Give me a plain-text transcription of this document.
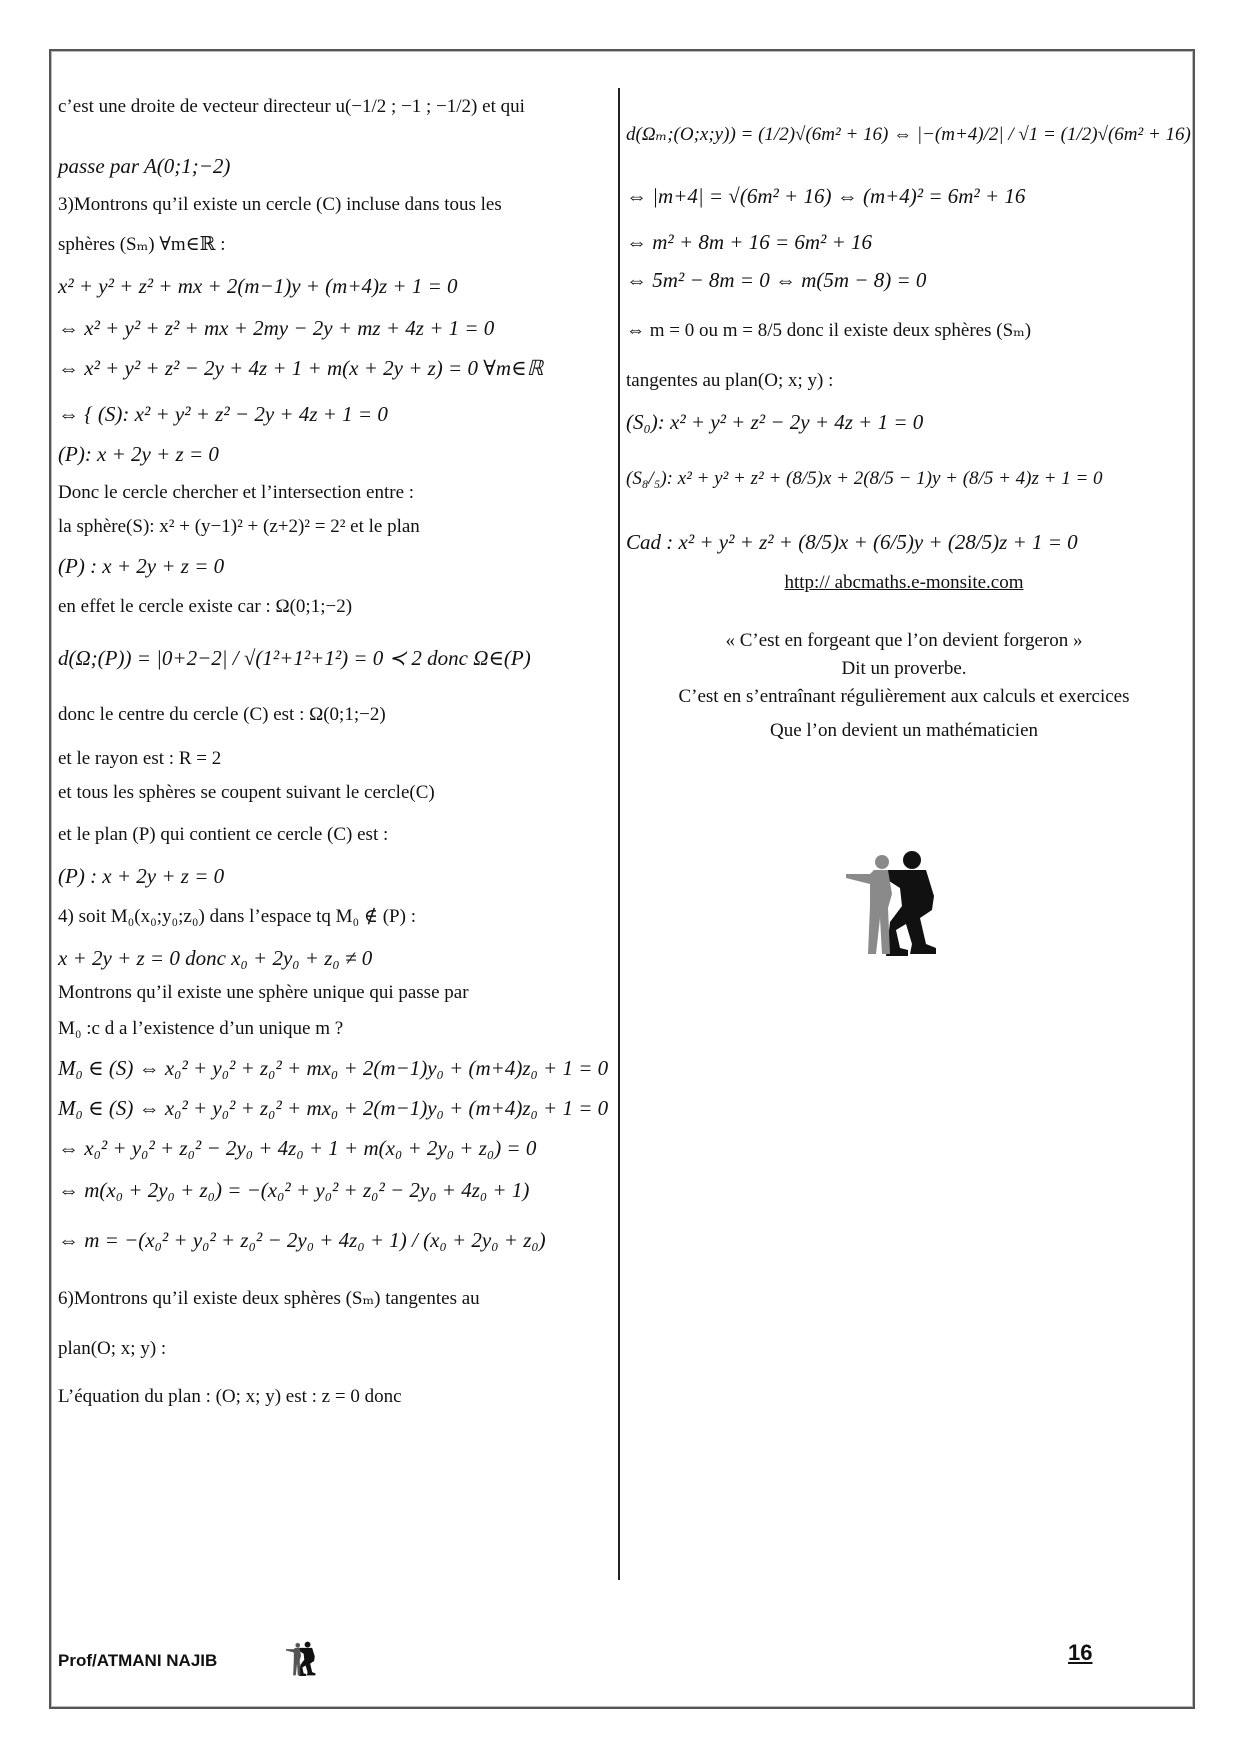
c’est une droite de vecteur directeur u(−1/2 ; −1 ; −1/2) et qui
passe par A(0;1;−2)
3)Montrons qu’il existe un cercle (C) incluse dans tous les
sphères (Sₘ) ∀m∈ℝ :
x² + y² + z² + mx + 2(m−1)y + (m+4)z + 1 = 0
⇔ x² + y² + z² + mx + 2my − 2y + mz + 4z + 1 = 0
⇔ x² + y² + z² − 2y + 4z + 1 + m(x + 2y + z) = 0 ∀m∈ℝ
⇔ { (S): x² + y² + z² − 2y + 4z + 1 = 0
(P): x + 2y + z = 0
Donc le cercle chercher et l’intersection entre :
la sphère(S): x² + (y−1)² + (z+2)² = 2² et le plan
(P) : x + 2y + z = 0
en effet le cercle existe car : Ω(0;1;−2)
d(Ω;(P)) = |0+2−2| / √(1²+1²+1²) = 0 ≺ 2 donc Ω∈(P)
donc le centre du cercle (C) est : Ω(0;1;−2)
et le rayon est : R = 2
et tous les sphères se coupent suivant le cercle(C)
et le plan (P) qui contient ce cercle (C) est :
(P) : x + 2y + z = 0
4) soit M₀(x₀;y₀;z₀) dans l’espace tq M₀ ∉ (P) :
x + 2y + z = 0 donc x₀ + 2y₀ + z₀ ≠ 0
Montrons qu’il existe une sphère unique qui passe par
M₀ :c d a l’existence d’un unique m ?
M₀ ∈ (S) ⇔ x₀² + y₀² + z₀² + mx₀ + 2(m−1)y₀ + (m+4)z₀ + 1 = 0
M₀ ∈ (S) ⇔ x₀² + y₀² + z₀² + mx₀ + 2(m−1)y₀ + (m+4)z₀ + 1 = 0
⇔ x₀² + y₀² + z₀² − 2y₀ + 4z₀ + 1 + m(x₀ + 2y₀ + z₀) = 0
⇔ m(x₀ + 2y₀ + z₀) = −(x₀² + y₀² + z₀² − 2y₀ + 4z₀ + 1)
⇔ m = −(x₀² + y₀² + z₀² − 2y₀ + 4z₀ + 1) / (x₀ + 2y₀ + z₀)
6)Montrons qu’il existe deux sphères (Sₘ) tangentes au
plan(O; x; y) :
L’équation du plan : (O; x; y) est : z = 0 donc
d(Ωₘ;(O;x;y)) = (1/2)√(6m² + 16) ⇔ |−(m+4)/2| / √1 = (1/2)√(6m² + 16)
⇔ |m+4| = √(6m² + 16) ⇔ (m+4)² = 6m² + 16
⇔ m² + 8m + 16 = 6m² + 16
⇔ 5m² − 8m = 0 ⇔ m(5m − 8) = 0
⇔ m = 0 ou m = 8/5 donc il existe deux sphères (Sₘ)
tangentes au plan(O; x; y) :
(S₀): x² + y² + z² − 2y + 4z + 1 = 0
(S₈/₅): x² + y² + z² + (8/5)x + 2(8/5 − 1)y + (8/5 + 4)z + 1 = 0
Cad : x² + y² + z² + (8/5)x + (6/5)y + (28/5)z + 1 = 0
http:// abcmaths.e-monsite.com
« C’est en forgeant que l’on devient forgeron »
Dit un proverbe.
C’est en s’entraînant régulièrement aux calculs et exercices
Que l’on devient un mathématicien
Prof/ATMANI NAJIB	16
